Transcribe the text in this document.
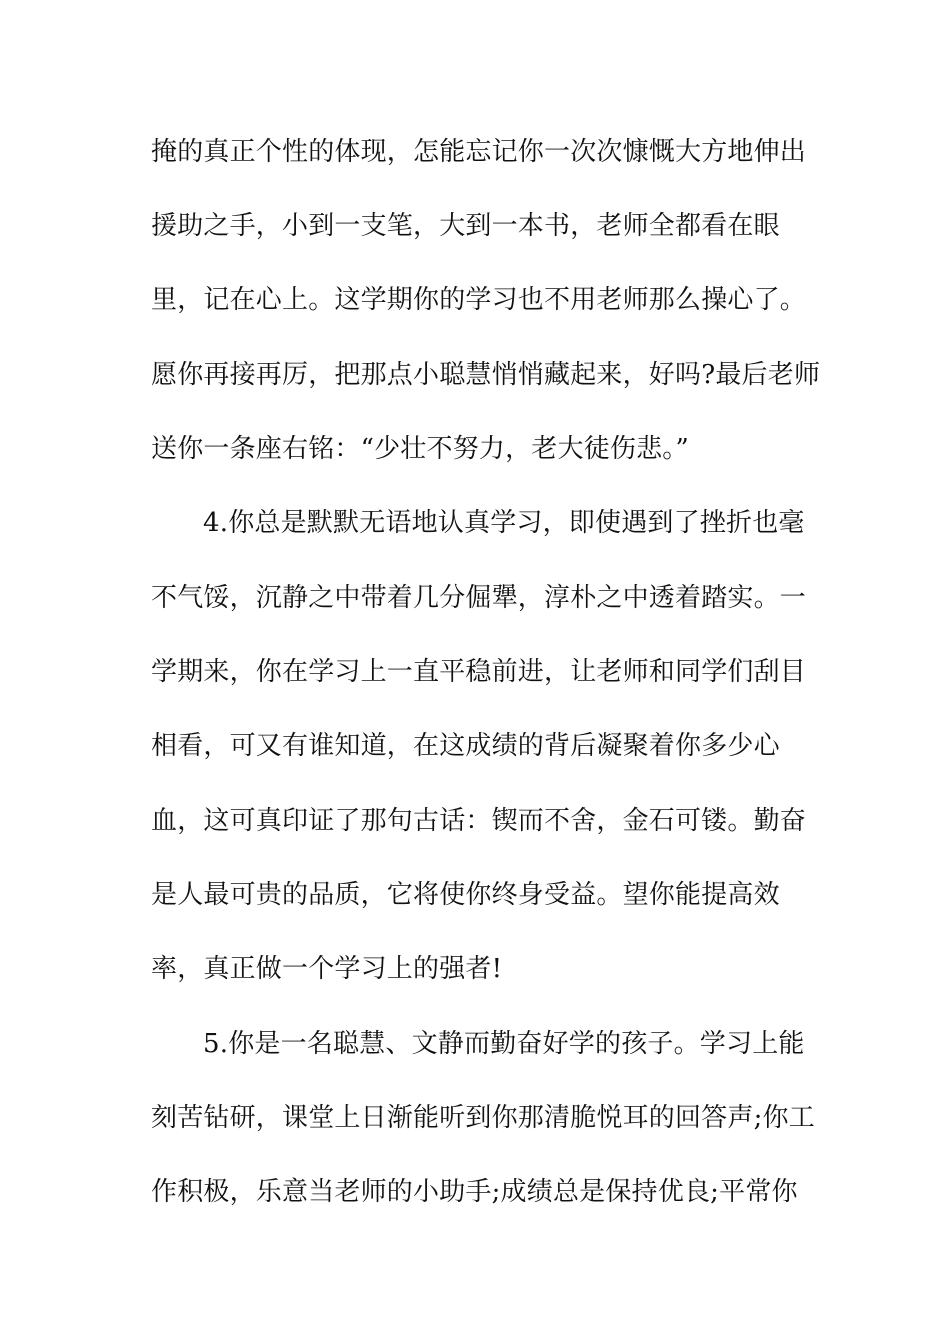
掩的真正个性的体现，怎能忘记你一次次慷慨大方地伸出
援助之手，小到一支笔，大到一本书，老师全都看在眼
里，记在心上。这学期你的学习也不用老师那么操心了。
愿你再接再厉，把那点小聪慧悄悄藏起来，好吗?最后老师
送你一条座右铭：“少壮不努力，老大徒伤悲。”
4.你总是默默无语地认真学习，即使遇到了挫折也毫
不气馁，沉静之中带着几分倔犟，淳朴之中透着踏实。一
学期来，你在学习上一直平稳前进，让老师和同学们刮目
相看，可又有谁知道，在这成绩的背后凝聚着你多少心
血，这可真印证了那句古话：锲而不舍，金石可镂。勤奋
是人最可贵的品质，它将使你终身受益。望你能提高效
率，真正做一个学习上的强者!
5.你是一名聪慧、文静而勤奋好学的孩子。学习上能
刻苦钻研，课堂上日渐能听到你那清脆悦耳的回答声;你工
作积极，乐意当老师的小助手;成绩总是保持优良;平常你
